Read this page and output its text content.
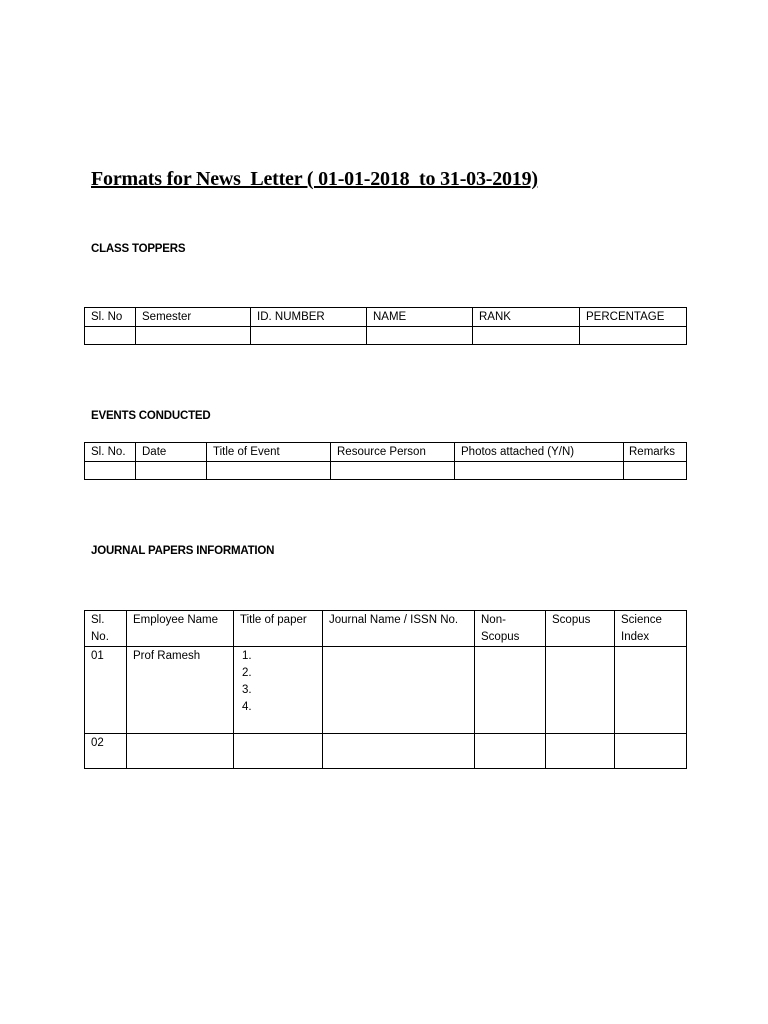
Formats for News  Letter ( 01-01-2018  to 31-03-2019)
CLASS TOPPERS
Sl. No	Semester	ID. NUMBER	NAME	RANK	PERCENTAGE

EVENTS CONDUCTED
Sl. No.	Date	Title of Event	Resource Person	Photos attached (Y/N)	Remarks

JOURNAL PAPERS INFORMATION
Sl. No.	Employee Name	Title of paper	Journal Name / ISSN No.	Non-Scopus	Scopus	Science Index
01	Prof Ramesh	1.
2.
3.
4.				

02						
